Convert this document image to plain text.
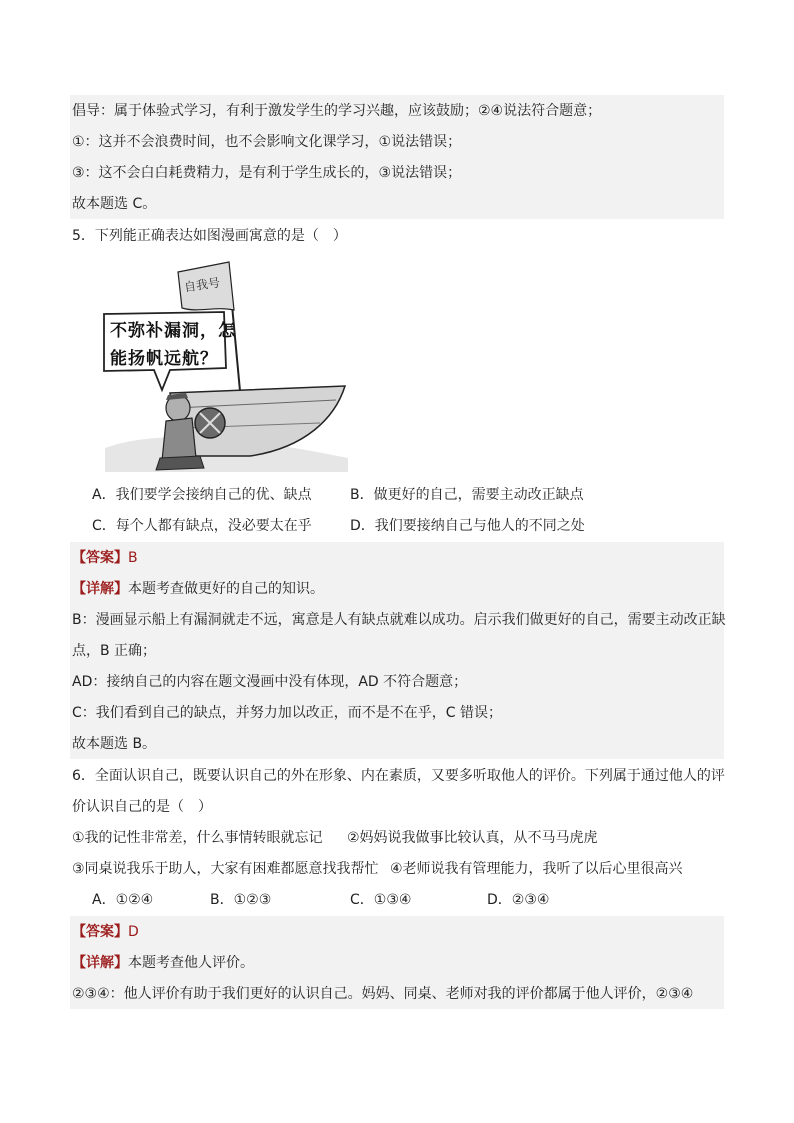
倡导：属于体验式学习，有利于激发学生的学习兴趣，应该鼓励；②④说法符合题意；
①：这并不会浪费时间，也不会影响文化课学习，①说法错误；
③：这不会白白耗费精力，是有利于学生成长的，③说法错误；
故本题选 C。
5．下列能正确表达如图漫画寓意的是（　）
自我号
不弥补漏洞，怎
能扬帆远航？
A．我们要学会接纳自己的优、缺点	B．做更好的自己，需要主动改正缺点
C．每个人都有缺点，没必要太在乎	D．我们要接纳自己与他人的不同之处
【答案】B
【详解】本题考查做更好的自己的知识。
B：漫画显示船上有漏洞就走不远，寓意是人有缺点就难以成功。启示我们做更好的自己，需要主动改正缺
点，B 正确；
AD：接纳自己的内容在题文漫画中没有体现，AD 不符合题意；
C：我们看到自己的缺点，并努力加以改正，而不是不在乎，C 错误；
故本题选 B。
6．全面认识自己，既要认识自己的外在形象、内在素质，又要多听取他人的评价。下列属于通过他人的评
价认识自己的是（　）
①我的记性非常差，什么事情转眼就忘记 ②妈妈说我做事比较认真，从不马马虎虎
③同桌说我乐于助人，大家有困难都愿意找我帮忙 ④老师说我有管理能力，我听了以后心里很高兴
A．①②④	B．①②③	C．①③④	D．②③④
【答案】D
【详解】本题考查他人评价。
②③④：他人评价有助于我们更好的认识自己。妈妈、同桌、老师对我的评价都属于他人评价，②③④
